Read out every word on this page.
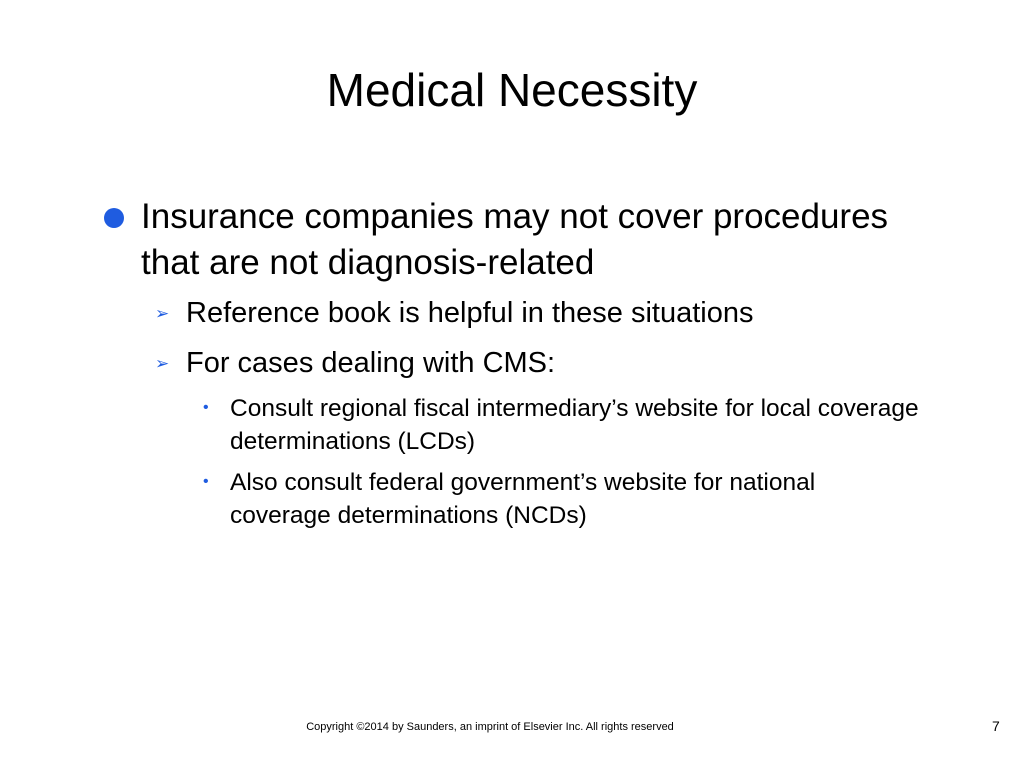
Medical Necessity
Insurance companies may not cover procedures that are not diagnosis-related
➢ Reference book is helpful in these situations
➢ For cases dealing with CMS:
• Consult regional fiscal intermediary’s website for local coverage determinations (LCDs)
• Also consult federal government’s website for national coverage determinations (NCDs)
Copyright ©2014 by Saunders, an imprint of Elsevier Inc. All rights reserved	7
